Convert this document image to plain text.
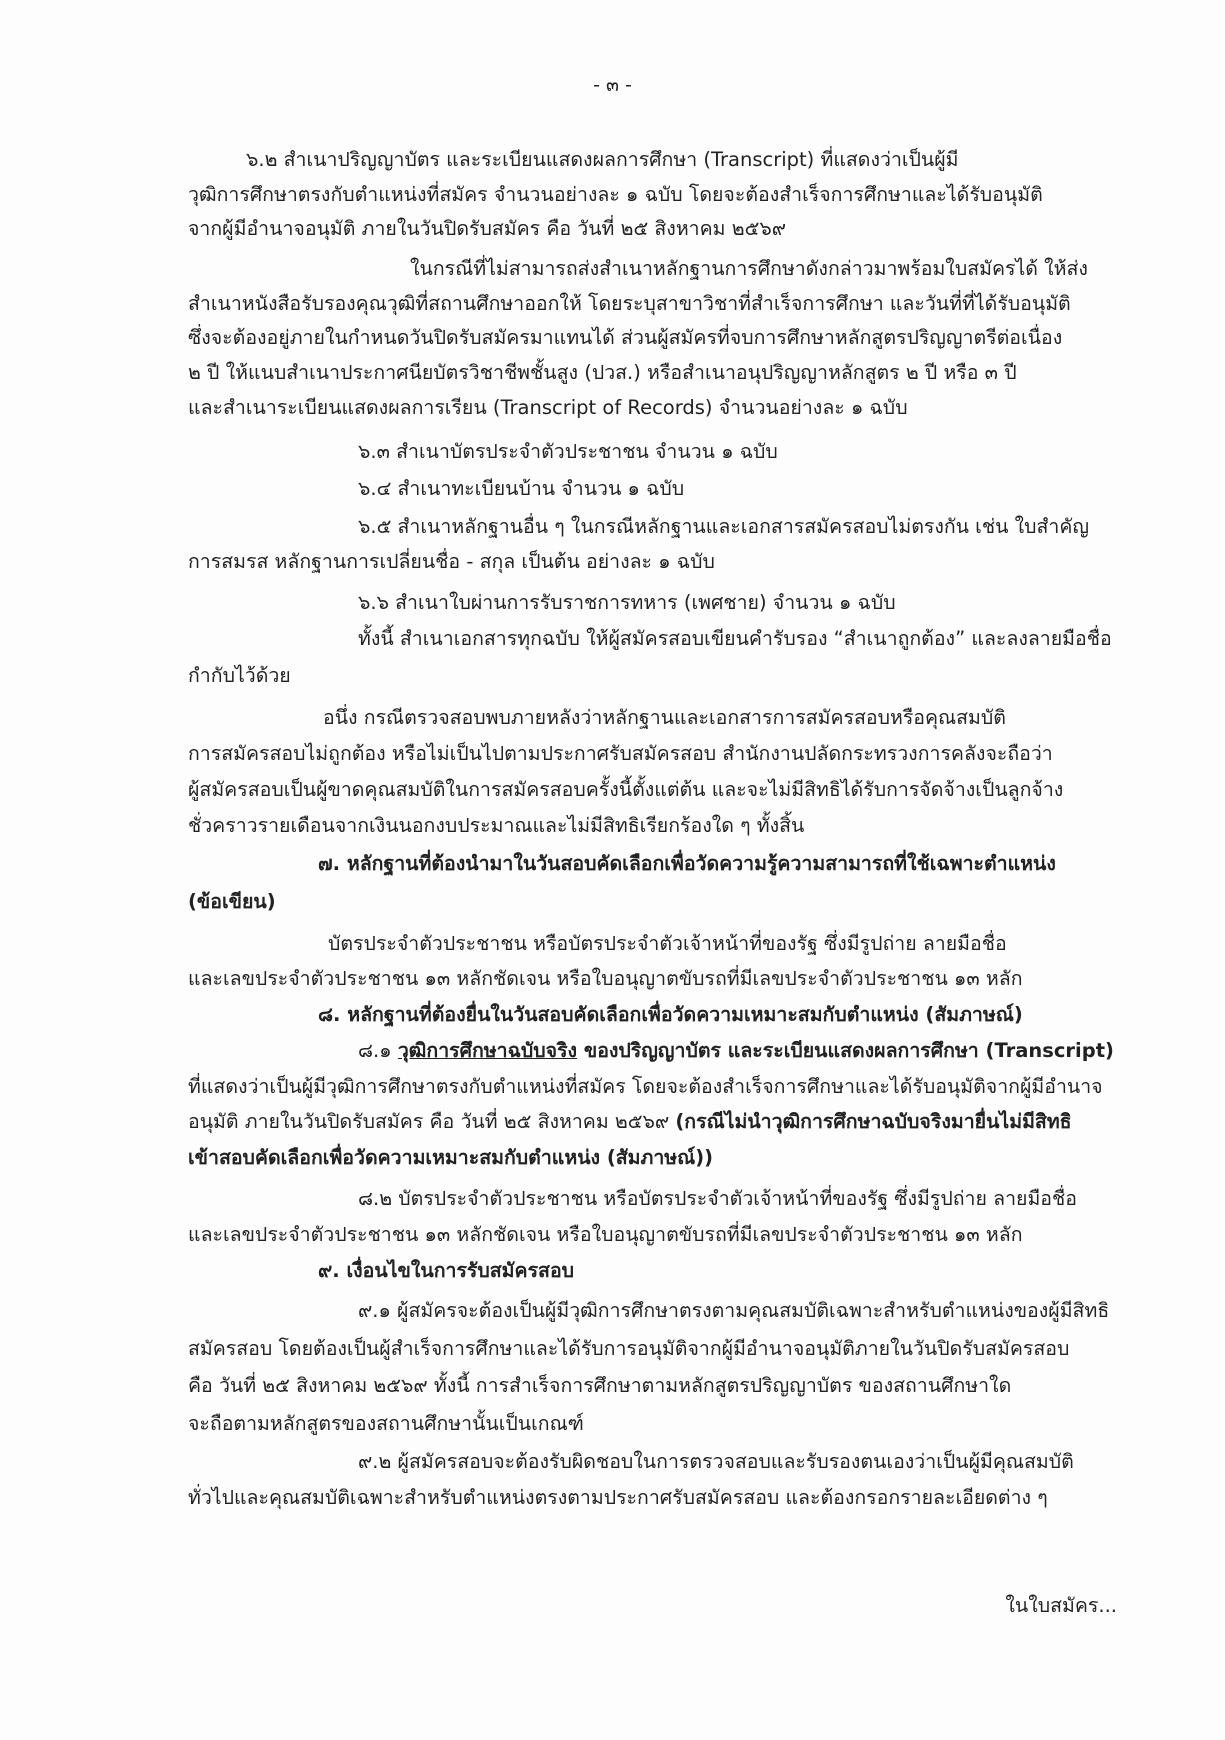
- ๓ -
๖.๒ สำเนาปริญญาบัตร และระเบียนแสดงผลการศึกษา (Transcript) ที่แสดงว่าเป็นผู้มี
วุฒิการศึกษาตรงกับตำแหน่งที่สมัคร จำนวนอย่างละ ๑ ฉบับ โดยจะต้องสำเร็จการศึกษาและได้รับอนุมัติ
จากผู้มีอำนาจอนุมัติ ภายในวันปิดรับสมัคร คือ วันที่ ๒๕ สิงหาคม ๒๕๖๙
ในกรณีที่ไม่สามารถส่งสำเนาหลักฐานการศึกษาดังกล่าวมาพร้อมใบสมัครได้ ให้ส่ง
สำเนาหนังสือรับรองคุณวุฒิที่สถานศึกษาออกให้ โดยระบุสาขาวิชาที่สำเร็จการศึกษา และวันที่ที่ได้รับอนุมัติ
ซึ่งจะต้องอยู่ภายในกำหนดวันปิดรับสมัครมาแทนได้ ส่วนผู้สมัครที่จบการศึกษาหลักสูตรปริญญาตรีต่อเนื่อง
๒ ปี ให้แนบสำเนาประกาศนียบัตรวิชาชีพชั้นสูง (ปวส.) หรือสำเนาอนุปริญญาหลักสูตร ๒ ปี หรือ ๓ ปี
และสำเนาระเบียนแสดงผลการเรียน (Transcript of Records) จำนวนอย่างละ ๑ ฉบับ
๖.๓ สำเนาบัตรประจำตัวประชาชน จำนวน ๑ ฉบับ
๖.๔ สำเนาทะเบียนบ้าน จำนวน ๑ ฉบับ
๖.๕ สำเนาหลักฐานอื่น ๆ ในกรณีหลักฐานและเอกสารสมัครสอบไม่ตรงกัน เช่น ใบสำคัญ
การสมรส หลักฐานการเปลี่ยนชื่อ - สกุล เป็นต้น อย่างละ ๑ ฉบับ
๖.๖ สำเนาใบผ่านการรับราชการทหาร (เพศชาย) จำนวน ๑ ฉบับ
ทั้งนี้ สำเนาเอกสารทุกฉบับ ให้ผู้สมัครสอบเขียนคำรับรอง “สำเนาถูกต้อง” และลงลายมือชื่อ
กำกับไว้ด้วย
อนึ่ง กรณีตรวจสอบพบภายหลังว่าหลักฐานและเอกสารการสมัครสอบหรือคุณสมบัติ
การสมัครสอบไม่ถูกต้อง หรือไม่เป็นไปตามประกาศรับสมัครสอบ สำนักงานปลัดกระทรวงการคลังจะถือว่า
ผู้สมัครสอบเป็นผู้ขาดคุณสมบัติในการสมัครสอบครั้งนี้ตั้งแต่ต้น และจะไม่มีสิทธิได้รับการจัดจ้างเป็นลูกจ้าง
ชั่วคราวรายเดือนจากเงินนอกงบประมาณและไม่มีสิทธิเรียกร้องใด ๆ ทั้งสิ้น
๗. หลักฐานที่ต้องนำมาในวันสอบคัดเลือกเพื่อวัดความรู้ความสามารถที่ใช้เฉพาะตำแหน่ง
(ข้อเขียน)
บัตรประจำตัวประชาชน หรือบัตรประจำตัวเจ้าหน้าที่ของรัฐ ซึ่งมีรูปถ่าย ลายมือชื่อ
และเลขประจำตัวประชาชน ๑๓ หลักชัดเจน หรือใบอนุญาตขับรถที่มีเลขประจำตัวประชาชน ๑๓ หลัก
๘. หลักฐานที่ต้องยื่นในวันสอบคัดเลือกเพื่อวัดความเหมาะสมกับตำแหน่ง (สัมภาษณ์)
๘.๑ วุฒิการศึกษาฉบับจริง ของปริญญาบัตร และระเบียนแสดงผลการศึกษา (Transcript)
ที่แสดงว่าเป็นผู้มีวุฒิการศึกษาตรงกับตำแหน่งที่สมัคร โดยจะต้องสำเร็จการศึกษาและได้รับอนุมัติจากผู้มีอำนาจ
อนุมัติ ภายในวันปิดรับสมัคร คือ วันที่ ๒๕ สิงหาคม ๒๕๖๙ (กรณีไม่นำวุฒิการศึกษาฉบับจริงมายื่นไม่มีสิทธิ
เข้าสอบคัดเลือกเพื่อวัดความเหมาะสมกับตำแหน่ง (สัมภาษณ์))
๘.๒ บัตรประจำตัวประชาชน หรือบัตรประจำตัวเจ้าหน้าที่ของรัฐ ซึ่งมีรูปถ่าย ลายมือชื่อ
และเลขประจำตัวประชาชน ๑๓ หลักชัดเจน หรือใบอนุญาตขับรถที่มีเลขประจำตัวประชาชน ๑๓ หลัก
๙. เงื่อนไขในการรับสมัครสอบ
๙.๑ ผู้สมัครจะต้องเป็นผู้มีวุฒิการศึกษาตรงตามคุณสมบัติเฉพาะสำหรับตำแหน่งของผู้มีสิทธิ
สมัครสอบ โดยต้องเป็นผู้สำเร็จการศึกษาและได้รับการอนุมัติจากผู้มีอำนาจอนุมัติภายในวันปิดรับสมัครสอบ
คือ วันที่ ๒๕ สิงหาคม ๒๕๖๙ ทั้งนี้ การสำเร็จการศึกษาตามหลักสูตรปริญญาบัตร ของสถานศึกษาใด
จะถือตามหลักสูตรของสถานศึกษานั้นเป็นเกณฑ์
๙.๒ ผู้สมัครสอบจะต้องรับผิดชอบในการตรวจสอบและรับรองตนเองว่าเป็นผู้มีคุณสมบัติ
ทั่วไปและคุณสมบัติเฉพาะสำหรับตำแหน่งตรงตามประกาศรับสมัครสอบ และต้องกรอกรายละเอียดต่าง ๆ
ในใบสมัคร...
